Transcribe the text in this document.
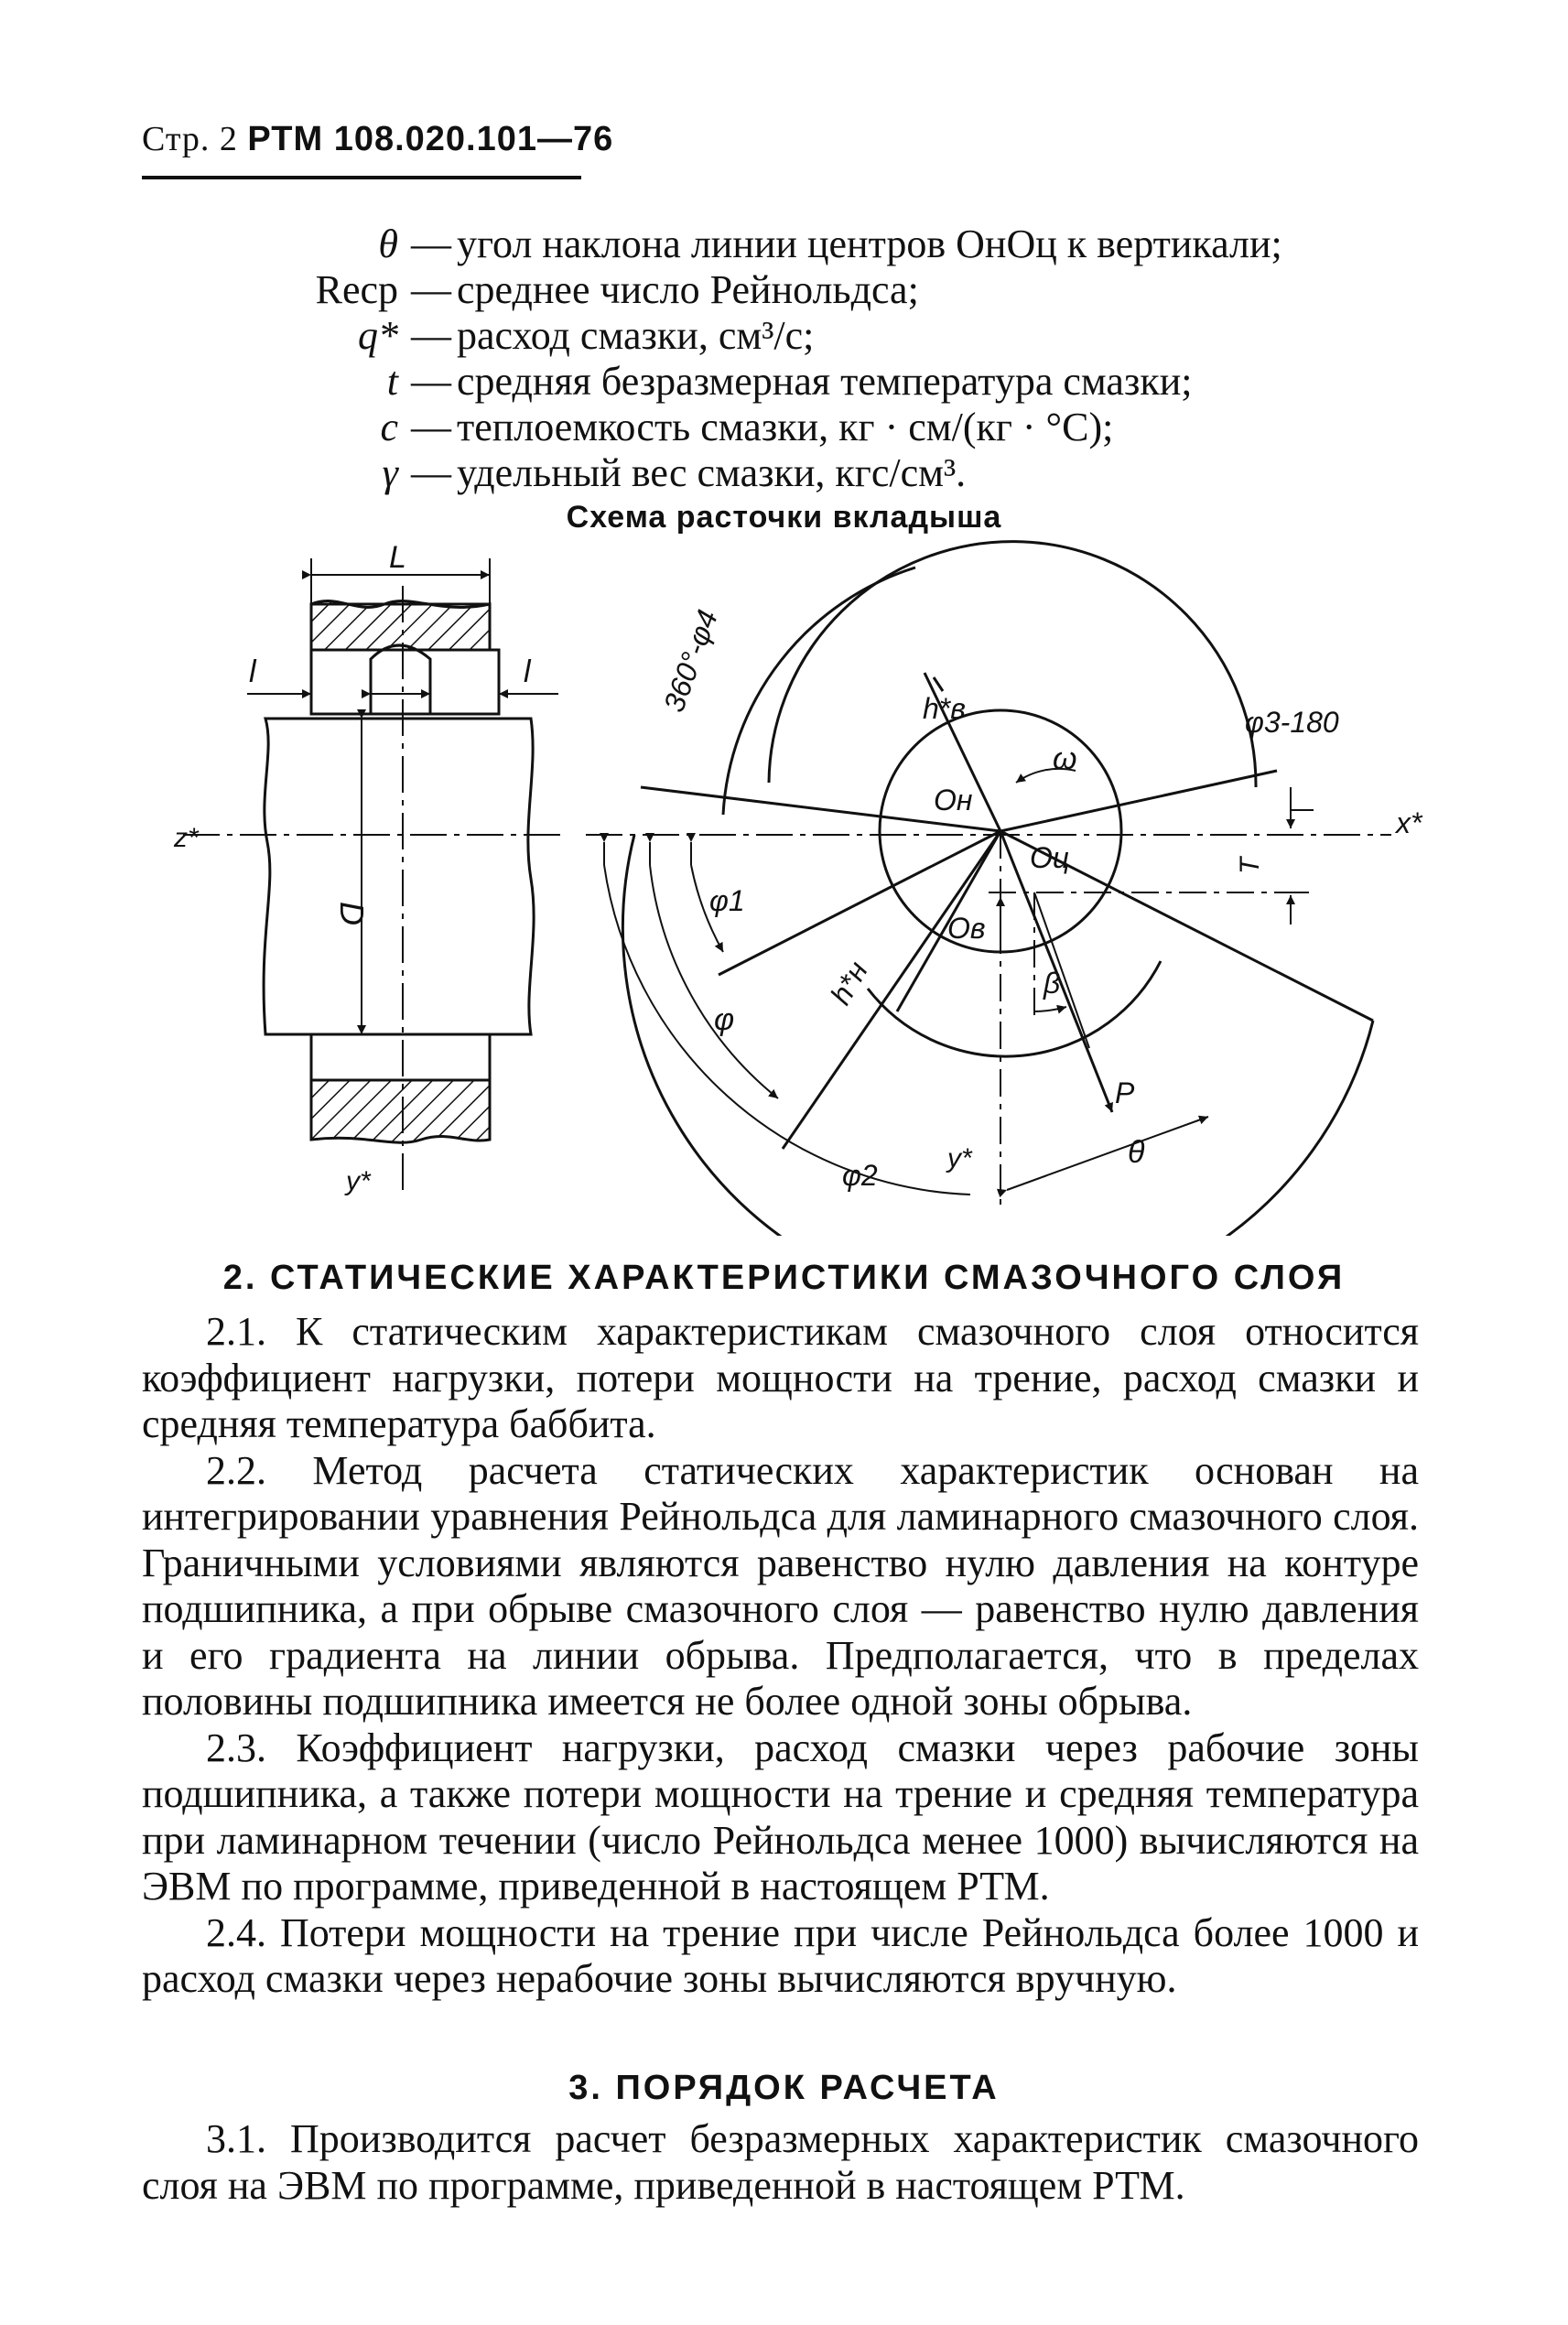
Стр. 2 РТМ 108.020.101—76
θ — угол наклона линии центров OнOц к вертикали;
Reср — среднее число Рейнольдса;
q* — расход смазки, см³/с;
t — средняя безразмерная температура смазки;
c — теплоемкость смазки, кг · см/(кг · °С);
γ — удельный вес смазки, кгс/см³.
Схема расточки вкладыша
L
l	l
z*
D
y*
360°-φ4	h*в	φ3-180
ω
x*
Oн
Oц
Oв
T
φ1
h*н	β
φ
P
φ2
y*	θ
2. СТАТИЧЕСКИЕ ХАРАКТЕРИСТИКИ СМАЗОЧНОГО СЛОЯ

2.1. К статическим характеристикам смазочного слоя относится коэффициент нагрузки, потери мощности на трение, расход смазки и средняя температура баббита.

2.2. Метод расчета статических характеристик основан на интегрировании уравнения Рейнольдса для ламинарного смазочного слоя. Граничными условиями являются равенство нулю давления на контуре подшипника, а при обрыве смазочного слоя — равенство нулю давления и его градиента на линии обрыва. Предполагается, что в пределах половины подшипника имеется не более одной зоны обрыва.

2.3. Коэффициент нагрузки, расход смазки через рабочие зоны подшипника, а также потери мощности на трение и средняя температура при ламинарном течении (число Рейнольдса менее 1000) вычисляются на ЭВМ по программе, приведенной в настоящем РТМ.

2.4. Потери мощности на трение при числе Рейнольдса более 1000 и расход смазки через нерабочие зоны вычисляются вручную.

3. ПОРЯДОК РАСЧЕТА

3.1. Производится расчет безразмерных характеристик смазочного слоя на ЭВМ по программе, приведенной в настоящем РТМ.
